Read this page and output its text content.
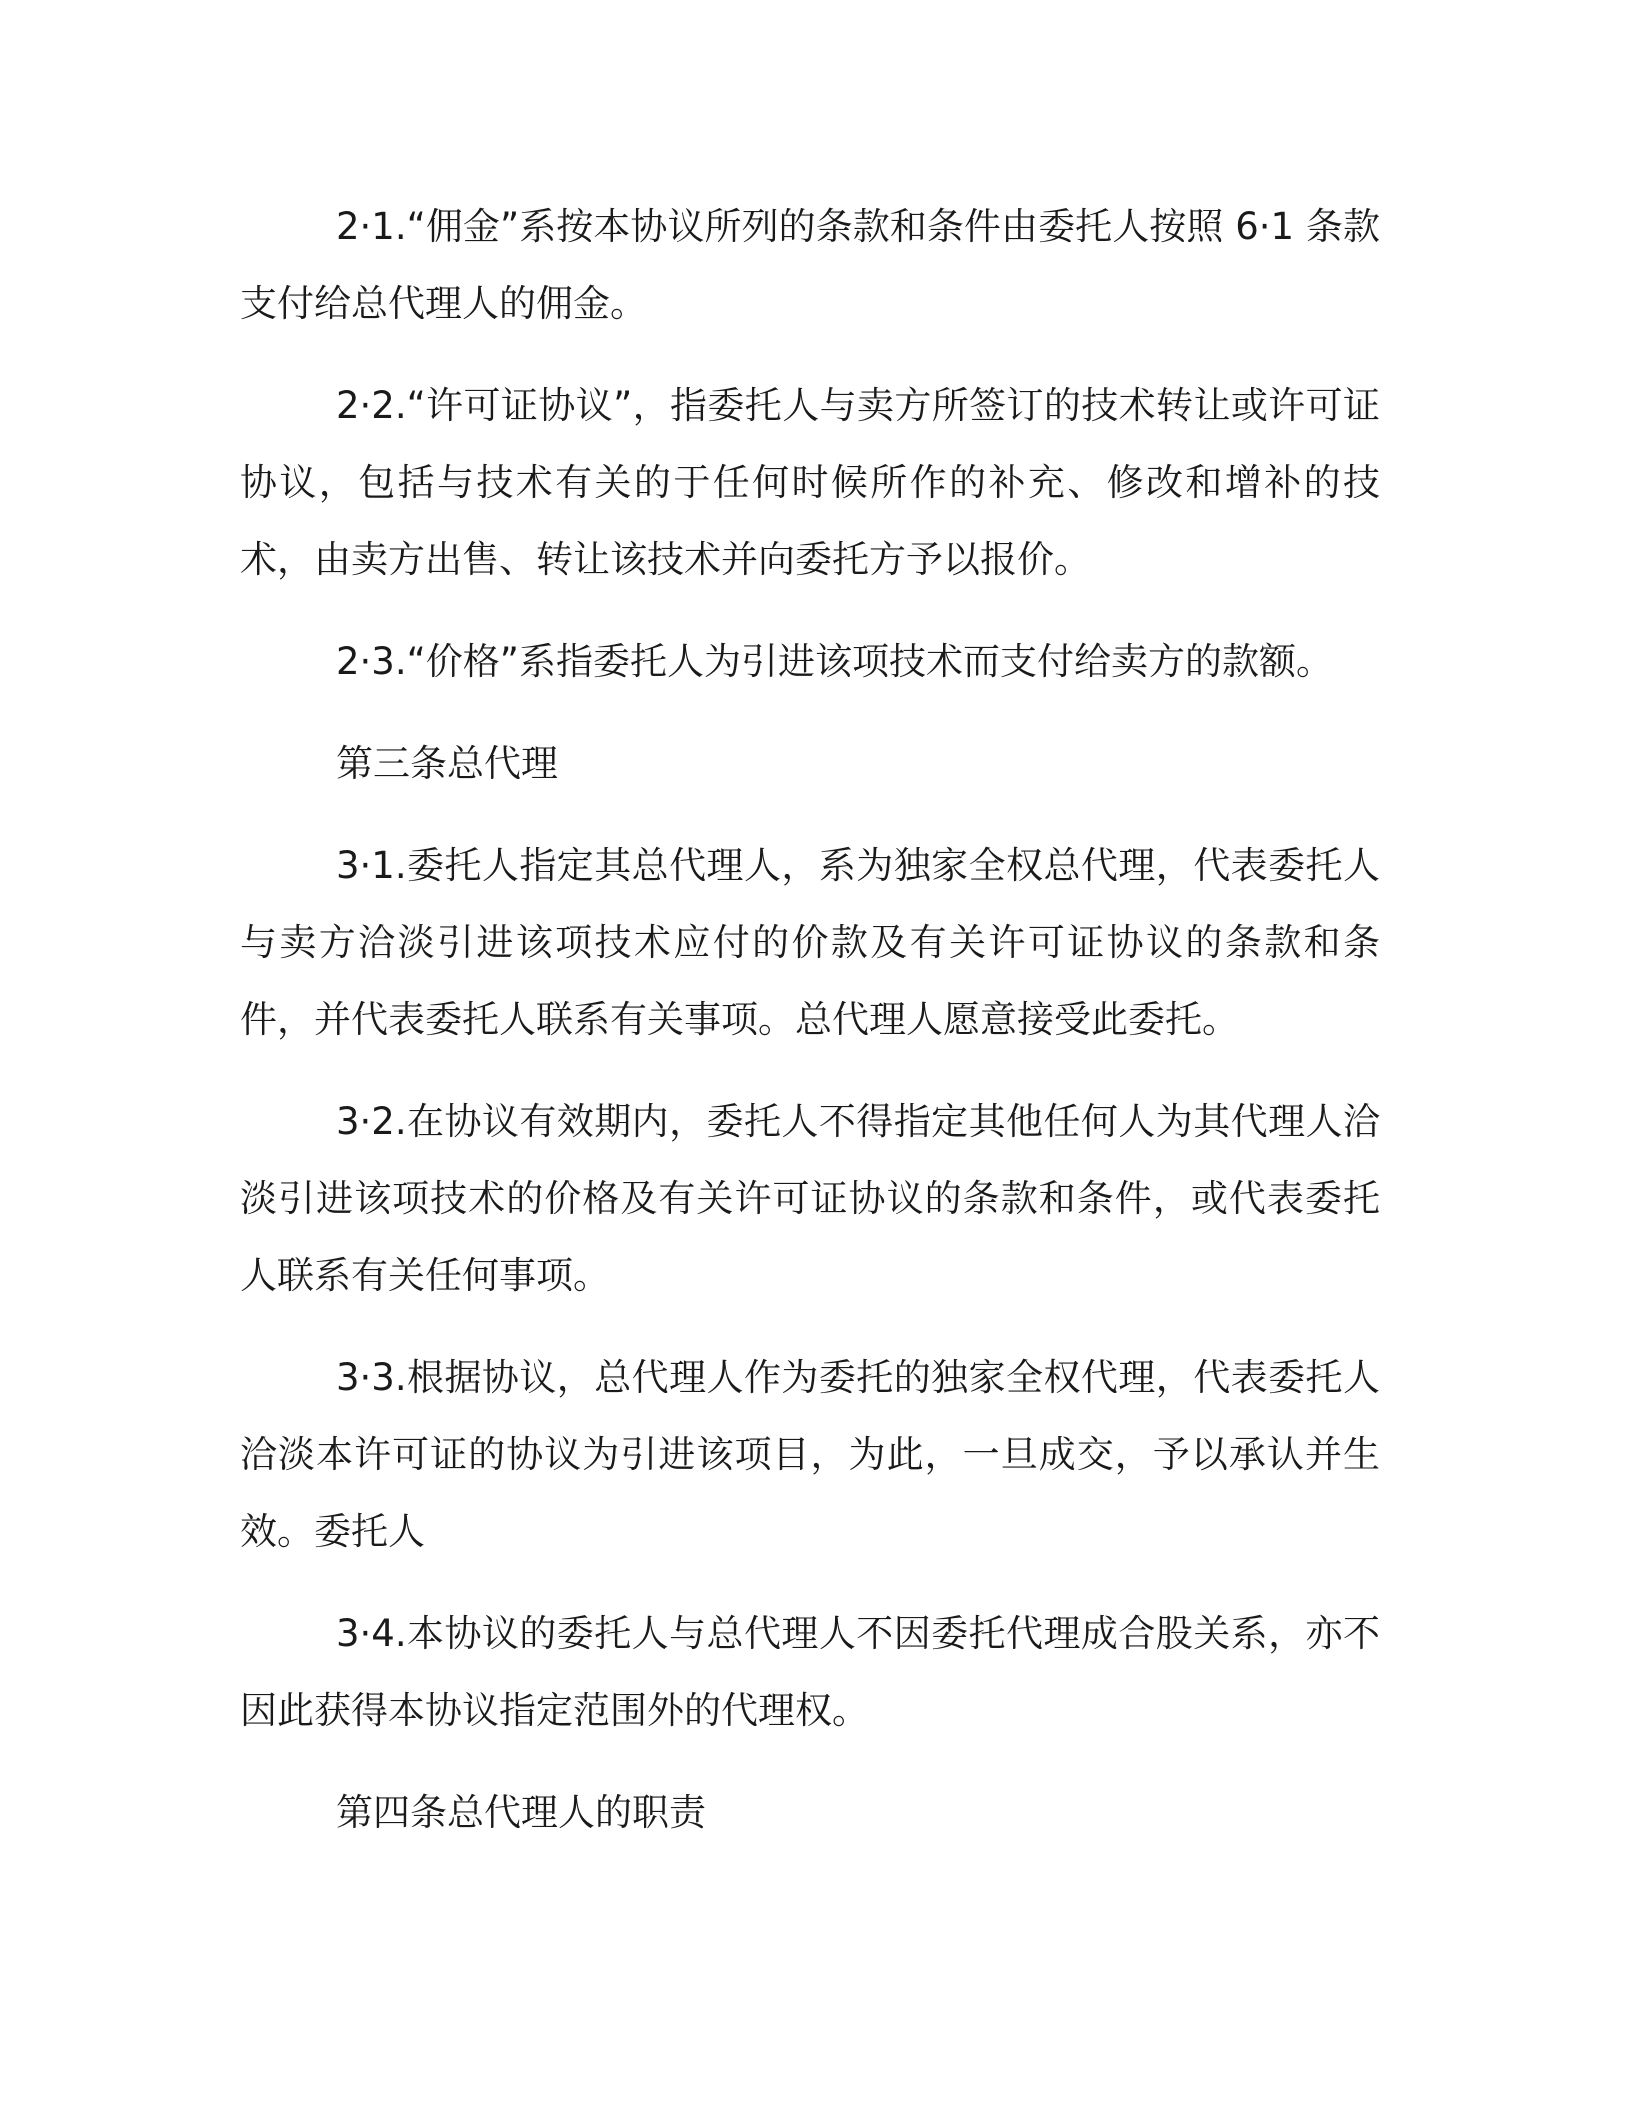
2·1.“佣金”系按本协议所列的条款和条件由委托人按照 6·1 条款支付给总代理人的佣金。

2·2.“许可证协议”，指委托人与卖方所签订的技术转让或许可证协议，包括与技术有关的于任何时候所作的补充、修改和增补的技术，由卖方出售、转让该技术并向委托方予以报价。

2·3.“价格”系指委托人为引进该项技术而支付给卖方的款额。

第三条总代理

3·1.委托人指定其总代理人，系为独家全权总代理，代表委托人与卖方洽淡引进该项技术应付的价款及有关许可证协议的条款和条件，并代表委托人联系有关事项。总代理人愿意接受此委托。

3·2.在协议有效期内，委托人不得指定其他任何人为其代理人洽淡引进该项技术的价格及有关许可证协议的条款和条件，或代表委托人联系有关任何事项。

3·3.根据协议，总代理人作为委托的独家全权代理，代表委托人洽淡本许可证的协议为引进该项目，为此，一旦成交，予以承认并生效。委托人

3·4.本协议的委托人与总代理人不因委托代理成合股关系，亦不因此获得本协议指定范围外的代理权。

第四条总代理人的职责
